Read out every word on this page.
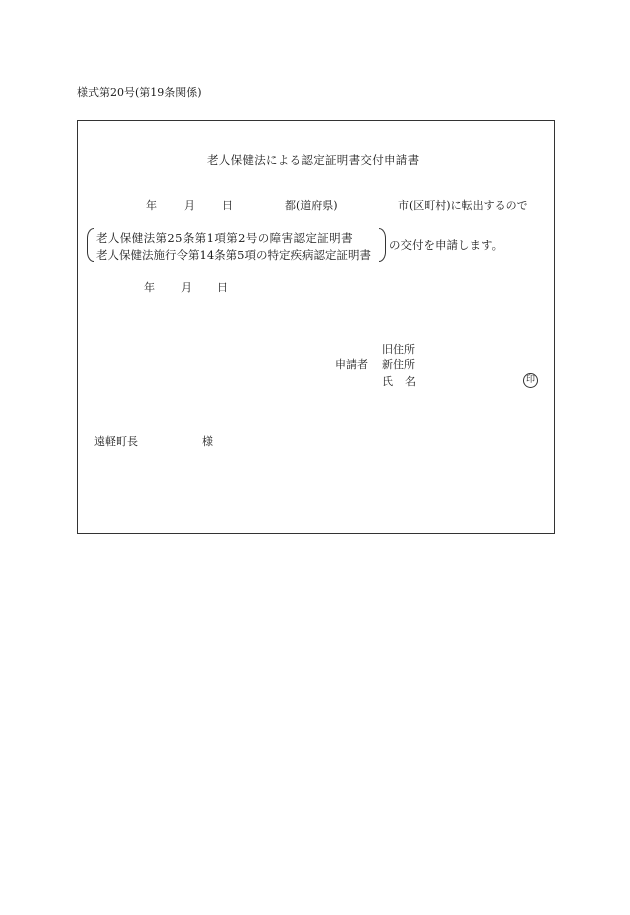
様式第20号(第19条関係)
老人保健法による認定証明書交付申請書
年 月 日	都(道府県)	市(区町村)に転出するので
老人保健法第25条第1項第2号の障害認定証明書
老人保健法施行令第14条第5項の特定疾病認定証明書
の交付を申請します。
年 月 日
旧住所
申請者 新住所
氏 名	印
遠軽町長	様
